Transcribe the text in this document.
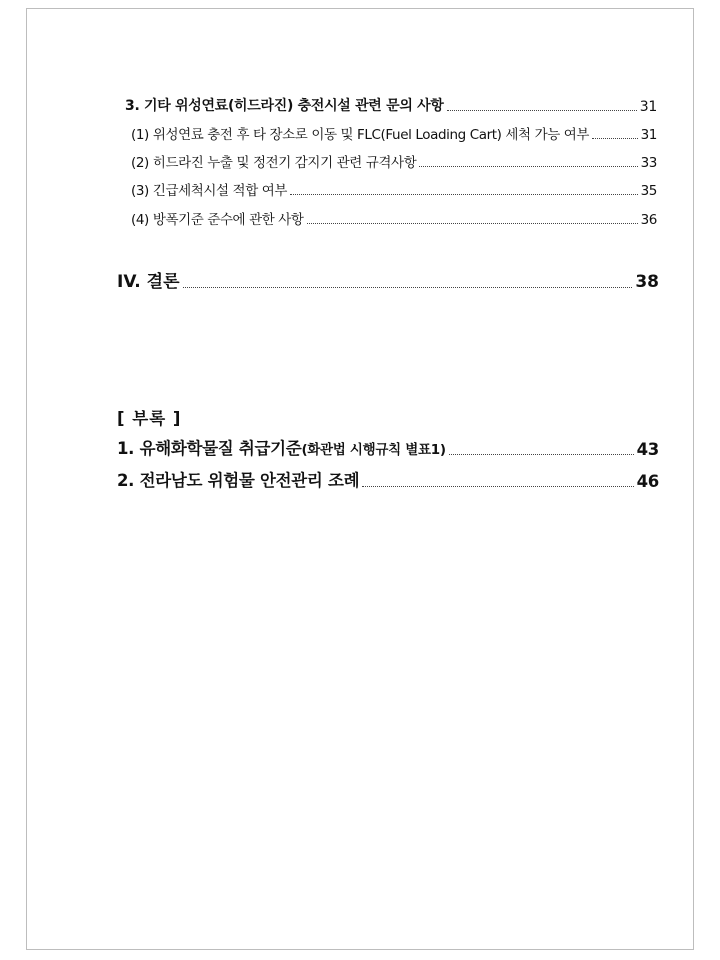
3. 기타 위성연료(히드라진) 충전시설 관련 문의 사항	31
(1) 위성연료 충전 후 타 장소로 이동 및 FLC(Fuel Loading Cart) 세척 가능 여부	31
(2) 히드라진 누출 및 정전기 감지기 관련 규격사항	33
(3) 긴급세척시설 적합 여부	35
(4) 방폭기준 준수에 관한 사항	36
IV. 결론	38
[ 부록 ]
1. 유해화학물질 취급기준(화관법 시행규칙 별표1)	43
2. 전라남도 위험물 안전관리 조례	46
